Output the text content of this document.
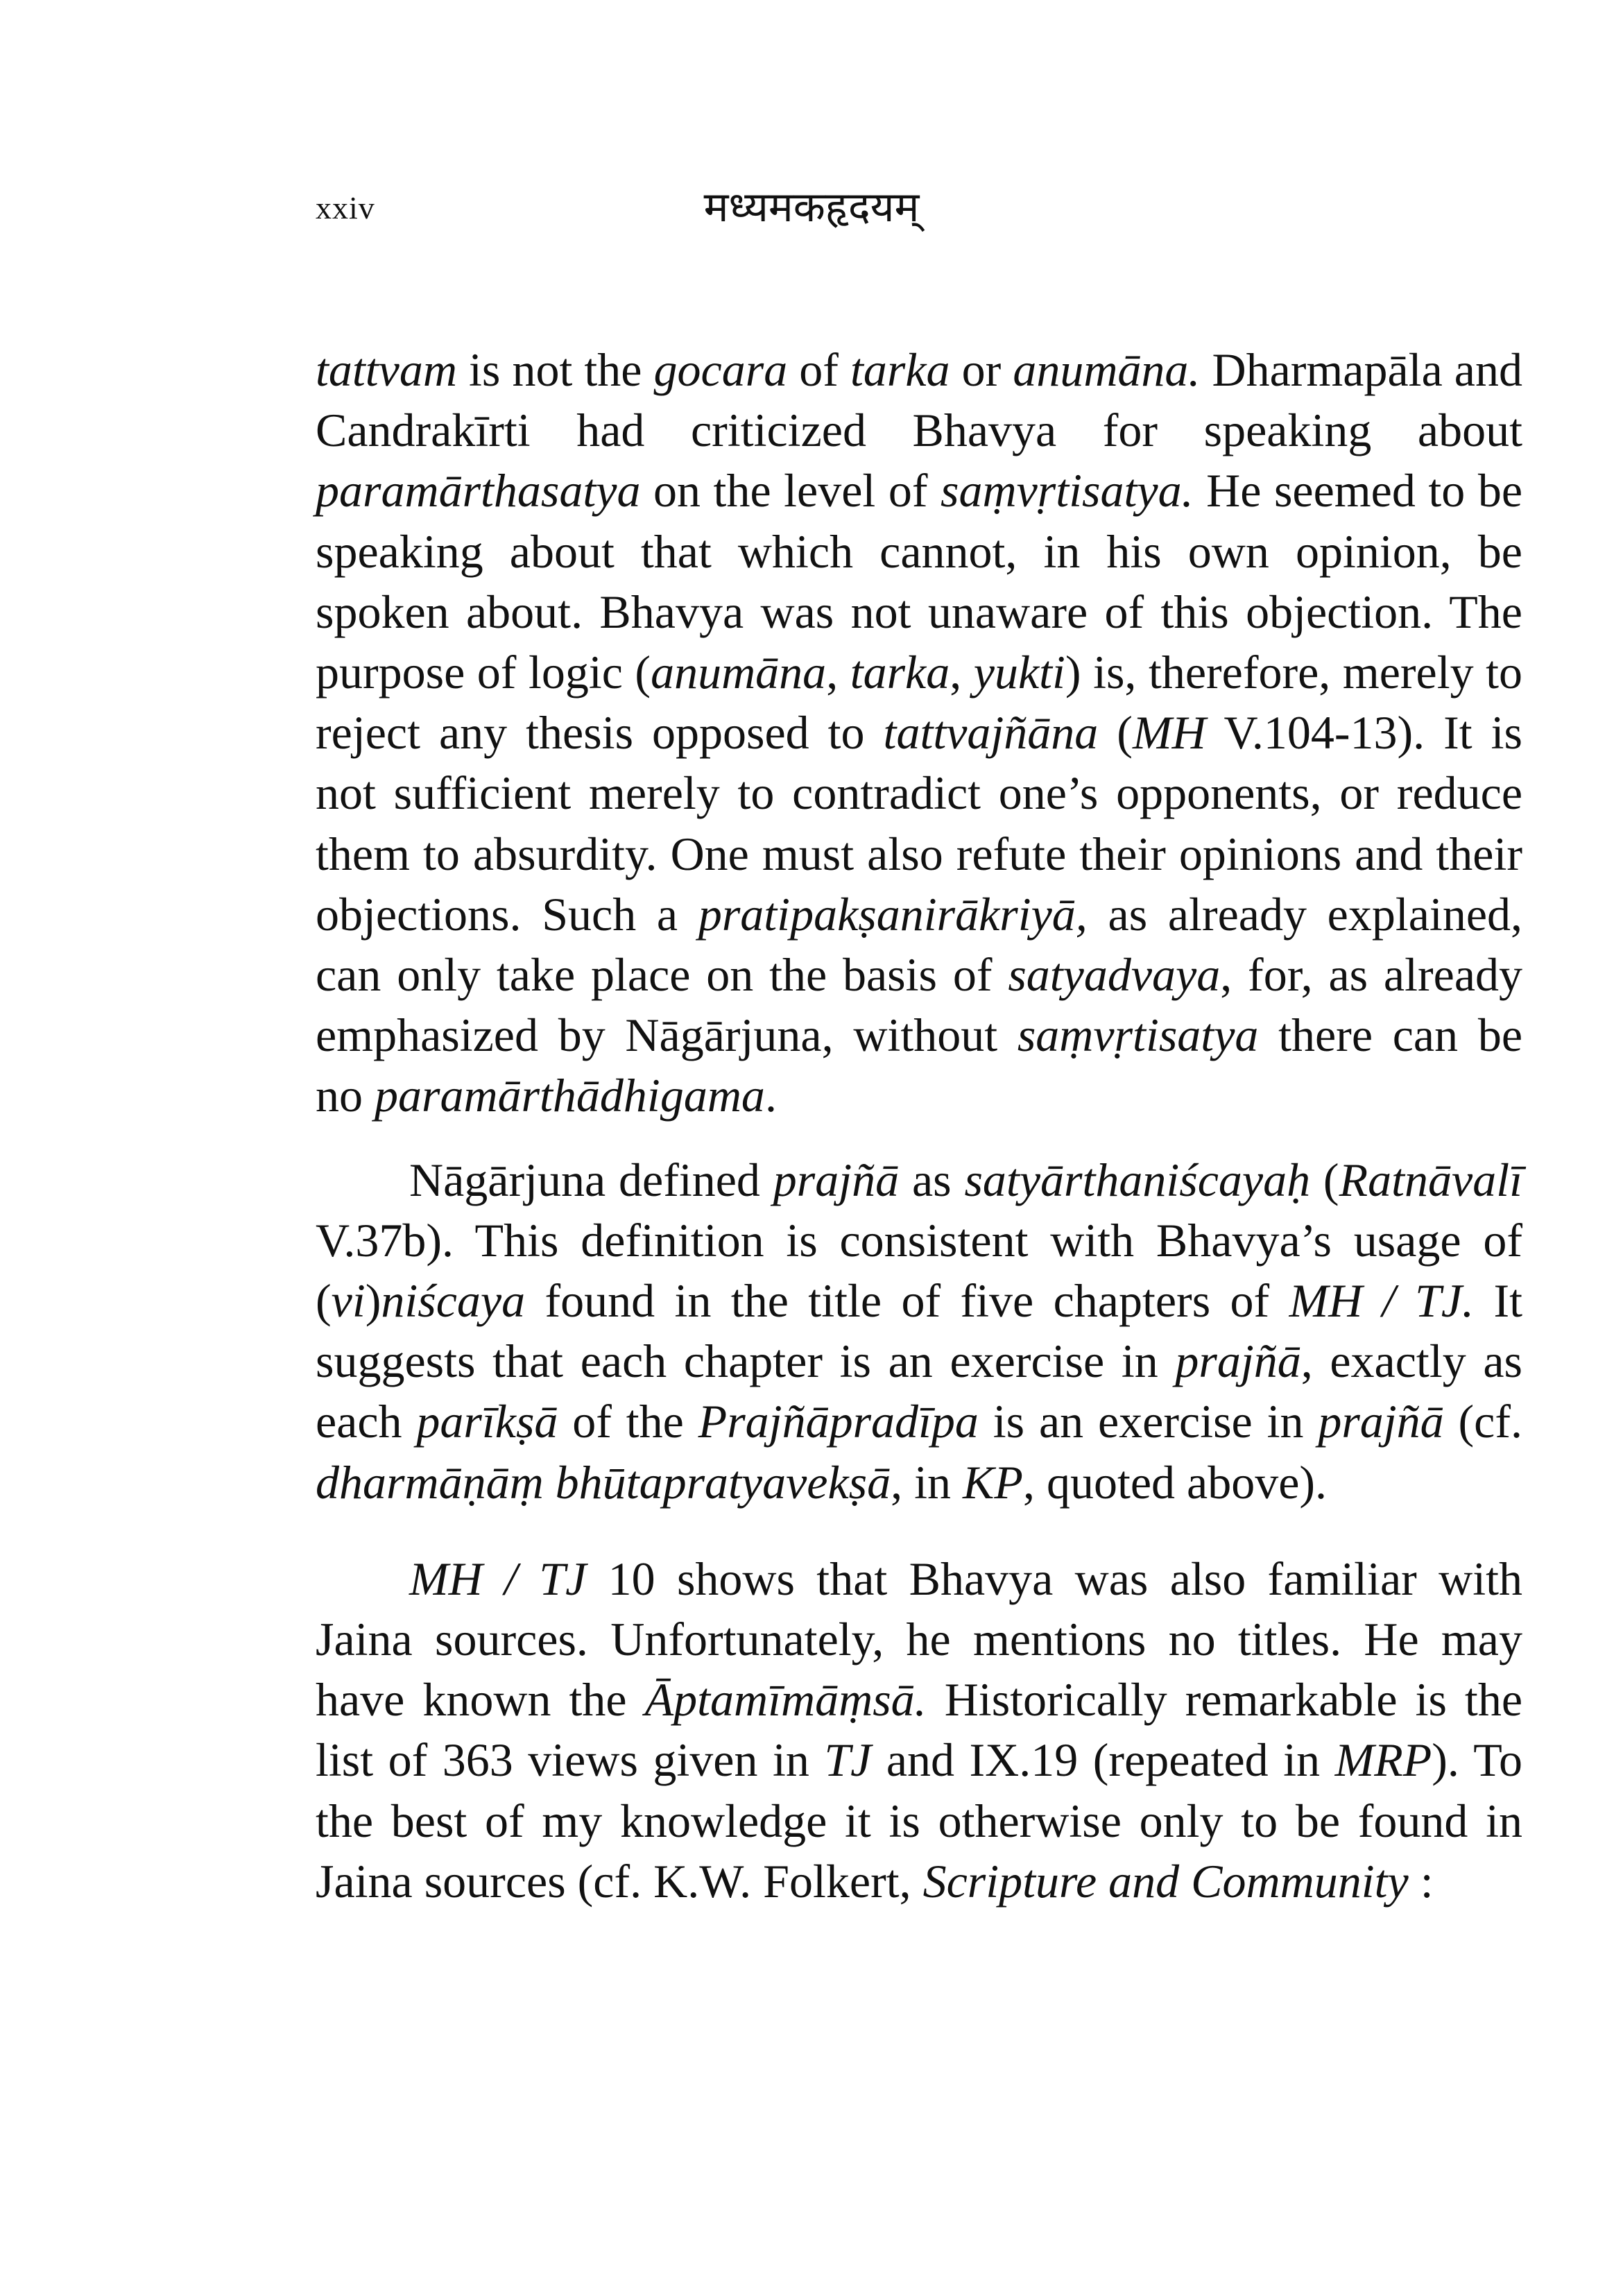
xxiv	मध्यमकहृदयम्

tattvam is not the gocara of tarka or anumāna. Dharmapāla and Candrakīrti had criticized Bhavya for speaking about paramārthasatya on the level of saṃvṛtisatya. He seemed to be speaking about that which cannot, in his own opinion, be spoken about. Bhavya was not unaware of this objection. The purpose of logic (anumāna, tarka, yukti) is, therefore, merely to reject any thesis opposed to tattvajñāna (MH V.104-13). It is not sufficient merely to contradict one’s opponents, or reduce them to absurdity. One must also refute their opinions and their objections. Such a pratipakṣanirākriyā, as already explained, can only take place on the basis of satyadvaya, for, as already emphasized by Nāgārjuna, without saṃvṛtisatya there can be no paramārthādhigama.

Nāgārjuna defined prajñā as satyārthaniścayaḥ (Ratnāvalī V.37b). This definition is consistent with Bhavya’s usage of (vi)niścaya found in the title of five chapters of MH / TJ. It suggests that each chapter is an exercise in prajñā, exactly as each parīkṣā of the Prajñāpradīpa is an exercise in prajñā (cf. dharmāṇāṃ bhūtapratyavekṣā, in KP, quoted above).

MH / TJ 10 shows that Bhavya was also familiar with Jaina sources. Unfortunately, he mentions no titles. He may have known the Āptamīmāṃsā. Historically remarkable is the list of 363 views given in TJ and IX.19 (repeated in MRP). To the best of my knowledge it is otherwise only to be found in Jaina sources (cf. K.W. Folkert, Scripture and Community :
